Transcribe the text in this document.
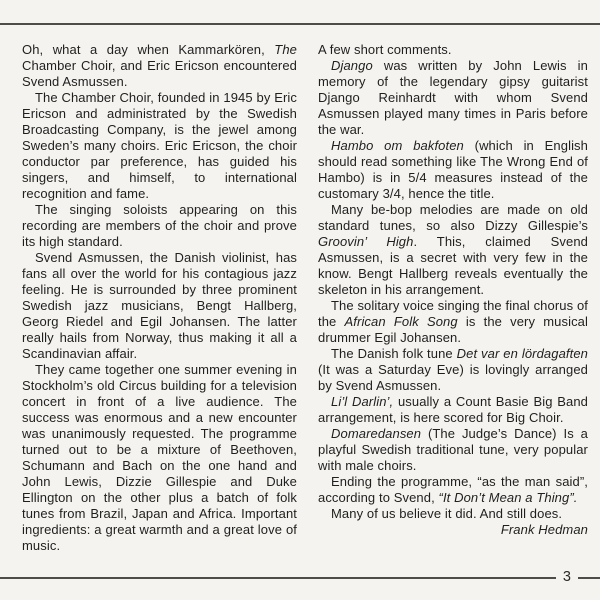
Oh, what a day when Kammarkören, The Chamber Choir, and Eric Ericson encountered Svend Asmussen.

The Chamber Choir, founded in 1945 by Eric Ericson and administrated by the Swedish Broadcasting Company, is the jewel among Sweden’s many choirs. Eric Ericson, the choir conductor par preference, has guided his singers, and himself, to international recognition and fame.

The singing soloists appearing on this recording are members of the choir and prove its high standard.

Svend Asmussen, the Danish violinist, has fans all over the world for his contagious jazz feeling. He is surrounded by three prominent Swedish jazz musicians, Bengt Hallberg, Georg Riedel and Egil Johansen. The latter really hails from Norway, thus making it all a Scandinavian affair.

They came together one summer evening in Stockholm’s old Circus building for a television concert in front of a live audience. The success was enormous and a new encounter was unanimously requested. The programme turned out to be a mixture of Beethoven, Schumann and Bach on the one hand and John Lewis, Dizzie Gillespie and Duke Ellington on the other plus a batch of folk tunes from Brazil, Japan and Africa. Important ingredients: a great warmth and a great love of music.

A few short comments.

Django was written by John Lewis in memory of the legendary gipsy guitarist Django Reinhardt with whom Svend Asmussen played many times in Paris before the war.

Hambo om bakfoten (which in English should read something like The Wrong End of Hambo) is in 5/4 measures instead of the customary 3/4, hence the title.

Many be-bop melodies are made on old standard tunes, so also Dizzy Gillespie’s Groovin’ High. This, claimed Svend Asmussen, is a secret with very few in the know. Bengt Hallberg reveals eventually the skeleton in his arrangement.

The solitary voice singing the final chorus of the African Folk Song is the very musical drummer Egil Johansen.

The Danish folk tune Det var en lördagaften (It was a Saturday Eve) is lovingly arranged by Svend Asmussen.

Li’l Darlin’, usually a Count Basie Big Band arrangement, is here scored for Big Choir.

Domaredansen (The Judge’s Dance) Is a playful Swedish traditional tune, very popular with male choirs.

Ending the programme, “as the man said”, according to Svend, “It Don’t Mean a Thing”.

Many of us believe it did. And still does.

Frank Hedman

3
